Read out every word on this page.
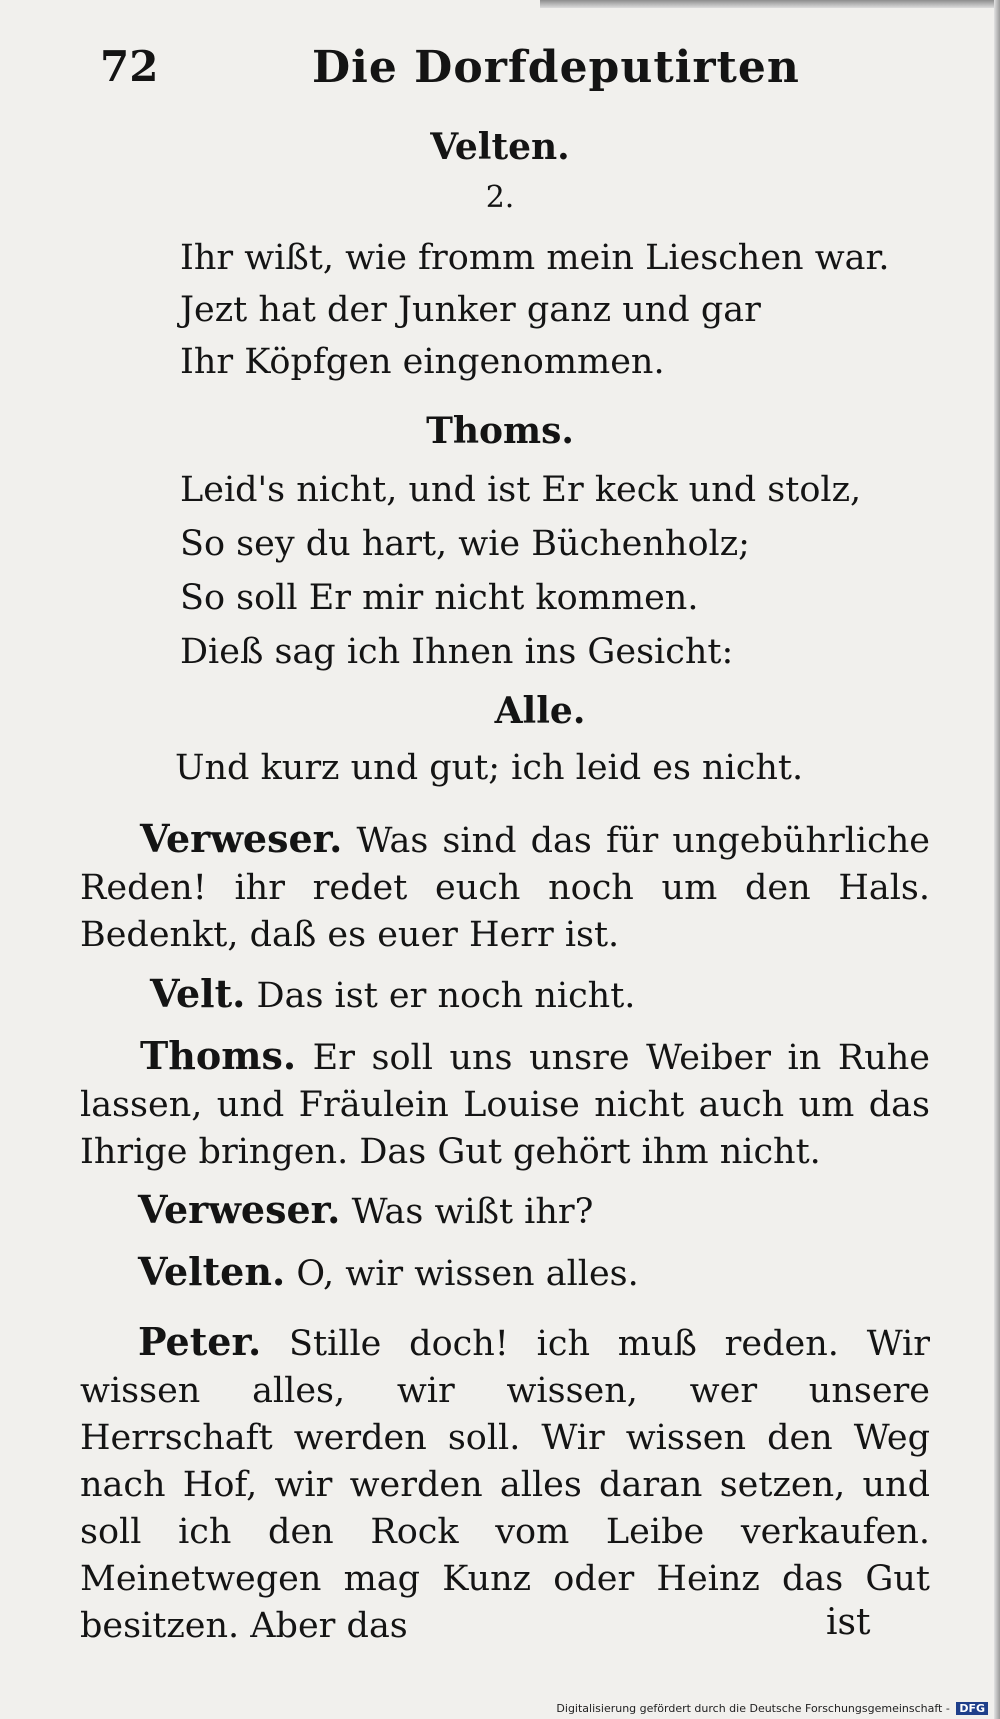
72	Die Dorfdeputirten
Velten.
2.
Ihr wißt, wie fromm mein Lieschen war.
Jezt hat der Junker ganz und gar
Ihr Köpfgen eingenommen.
Thoms.
Leid's nicht, und ist Er keck und stolz,
So sey du hart, wie Büchenholz;
So soll Er mir nicht kommen.
Dieß sag ich Ihnen ins Gesicht:
Alle.
Und kurz und gut; ich leid es nicht.
Verweser. Was sind das für ungebührliche Reden! ihr redet euch noch um den Hals. Bedenkt, daß es euer Herr ist.
Velt. Das ist er noch nicht.
Thoms. Er soll uns unsre Weiber in Ruhe lassen, und Fräulein Louise nicht auch um das Ihrige bringen. Das Gut gehört ihm nicht.
Verweser. Was wißt ihr?
Velten. O, wir wissen alles.
Peter. Stille doch! ich muß reden. Wir wissen alles, wir wissen, wer unsere Herrschaft werden soll. Wir wissen den Weg nach Hof, wir werden alles daran setzen, und soll ich den Rock vom Leibe verkaufen. Meinetwegen mag Kunz oder Heinz das Gut besitzen. Aber das	ist
Digitalisierung gefördert durch die Deutsche Forschungsgemeinschaft - DFG
